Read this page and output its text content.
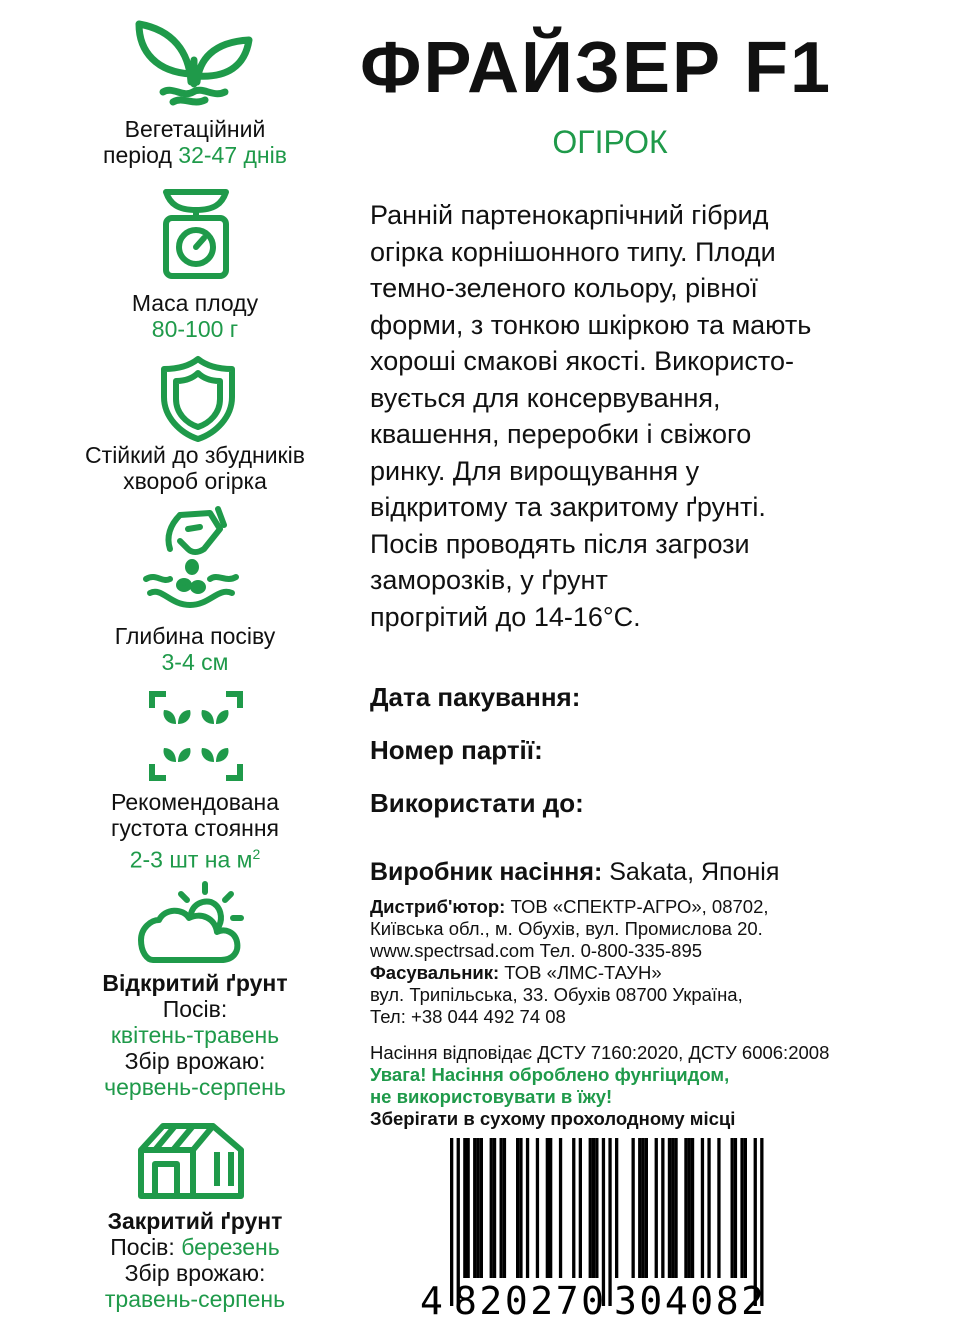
Вегетаційний
період 32-47 днів
Маса плоду
80-100 г
Стійкий до збудників
хвороб огірка
Глибина посіву
3-4 см
Рекомендована
густота стояння
2-3 шт на $м^2$
Відкритий ґрунт
Посів:
квітень-травень
Збір врожаю:
червень-серпень
Закритий ґрунт
Посів: березень
Збір врожаю:
травень-серпень
ФРАЙЗЕР F1
ОГІРОК
Ранній партенокарпічний гібрид
огірка корнішонного типу. Плоди
темно-зеленого кольору, рівної
форми, з тонкою шкіркою та мають
хороші смакові якості. Використо-
вується для консервування,
квашення, переробки і свіжого
ринку. Для вирощування у
відкритому та закритому ґрунті.
Посів проводять після загрози
заморозків, у ґрунт
прогрітий до 14-16°С.
Дата пакування:
Номер партії:
Використати до:
Виробник насіння: Sakata, Японія
Дистриб'ютор: ТОВ «СПЕКТР-АГРО», 08702,
Київська обл., м. Обухів, вул. Промислова 20.
www.spectrsad.com Тел. 0-800-335-895
Фасувальник: ТОВ «ЛМС-ТАУН»
вул. Трипільська, 33. Обухів 08700 Україна,
Тел: +38 044 492 74 08
Насіння відповідає ДСТУ 7160:2020, ДСТУ 6006:2008
Увага! Насіння оброблено фунгіцидом,
не використовувати в їжу!
Зберігати в сухому прохолодному місці
4 820270 304082
